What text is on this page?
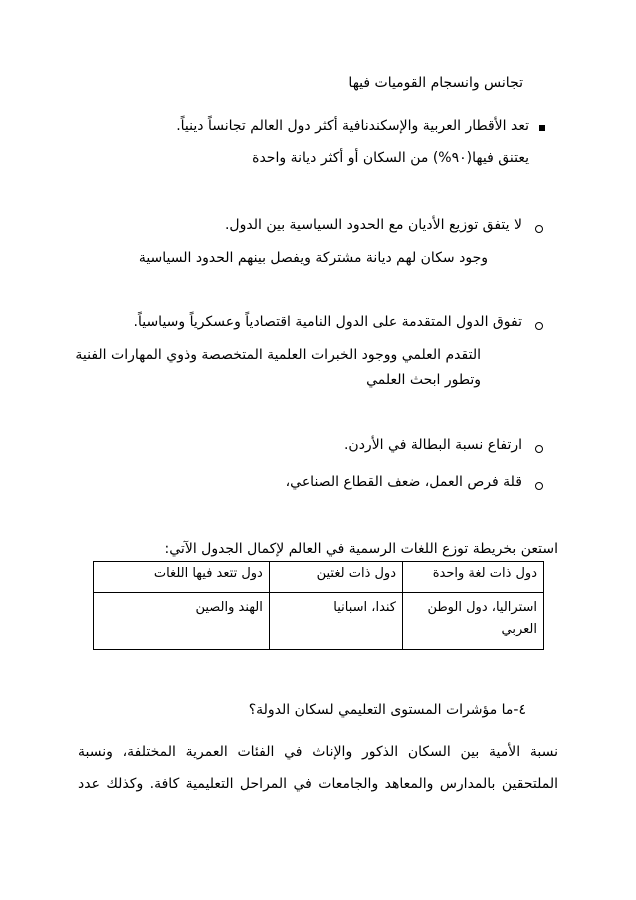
تجانس وانسجام القوميات فيها
تعد الأقطار العربية والإسكندنافية أكثر دول العالم تجانساً دينياً.
يعتنق فيها(٩٠%) من السكان أو أكثر ديانة واحدة
لا يتفق توزيع الأديان مع الحدود السياسية بين الدول.
وجود سكان لهم ديانة مشتركة ويفصل بينهم الحدود السياسية
تفوق الدول المتقدمة على الدول النامية اقتصادياً وعسكرياً وسياسياً.
التقدم العلمي ووجود الخبرات العلمية المتخصصة وذوي المهارات الفنية
وتطور ابحث العلمي
ارتفاع نسبة البطالة في الأردن.
قلة فرص العمل، ضعف القطاع الصناعي،
استعن بخريطة توزع اللغات الرسمية في العالم لإكمال الجدول الآتي:
دول ذات لغة واحدة	دول ذات لغتين	دول تتعد فيها اللغات
استراليا، دول الوطن العربي	كندا، اسبانيا	الهند والصين
٤-ما مؤشرات المستوى التعليمي لسكان الدولة؟
نسبة الأمية بين السكان الذكور والإناث في الفئات العمرية المختلفة، ونسبة
الملتحقين بالمدارس والمعاهد والجامعات في المراحل التعليمية كافة. وكذلك عدد
